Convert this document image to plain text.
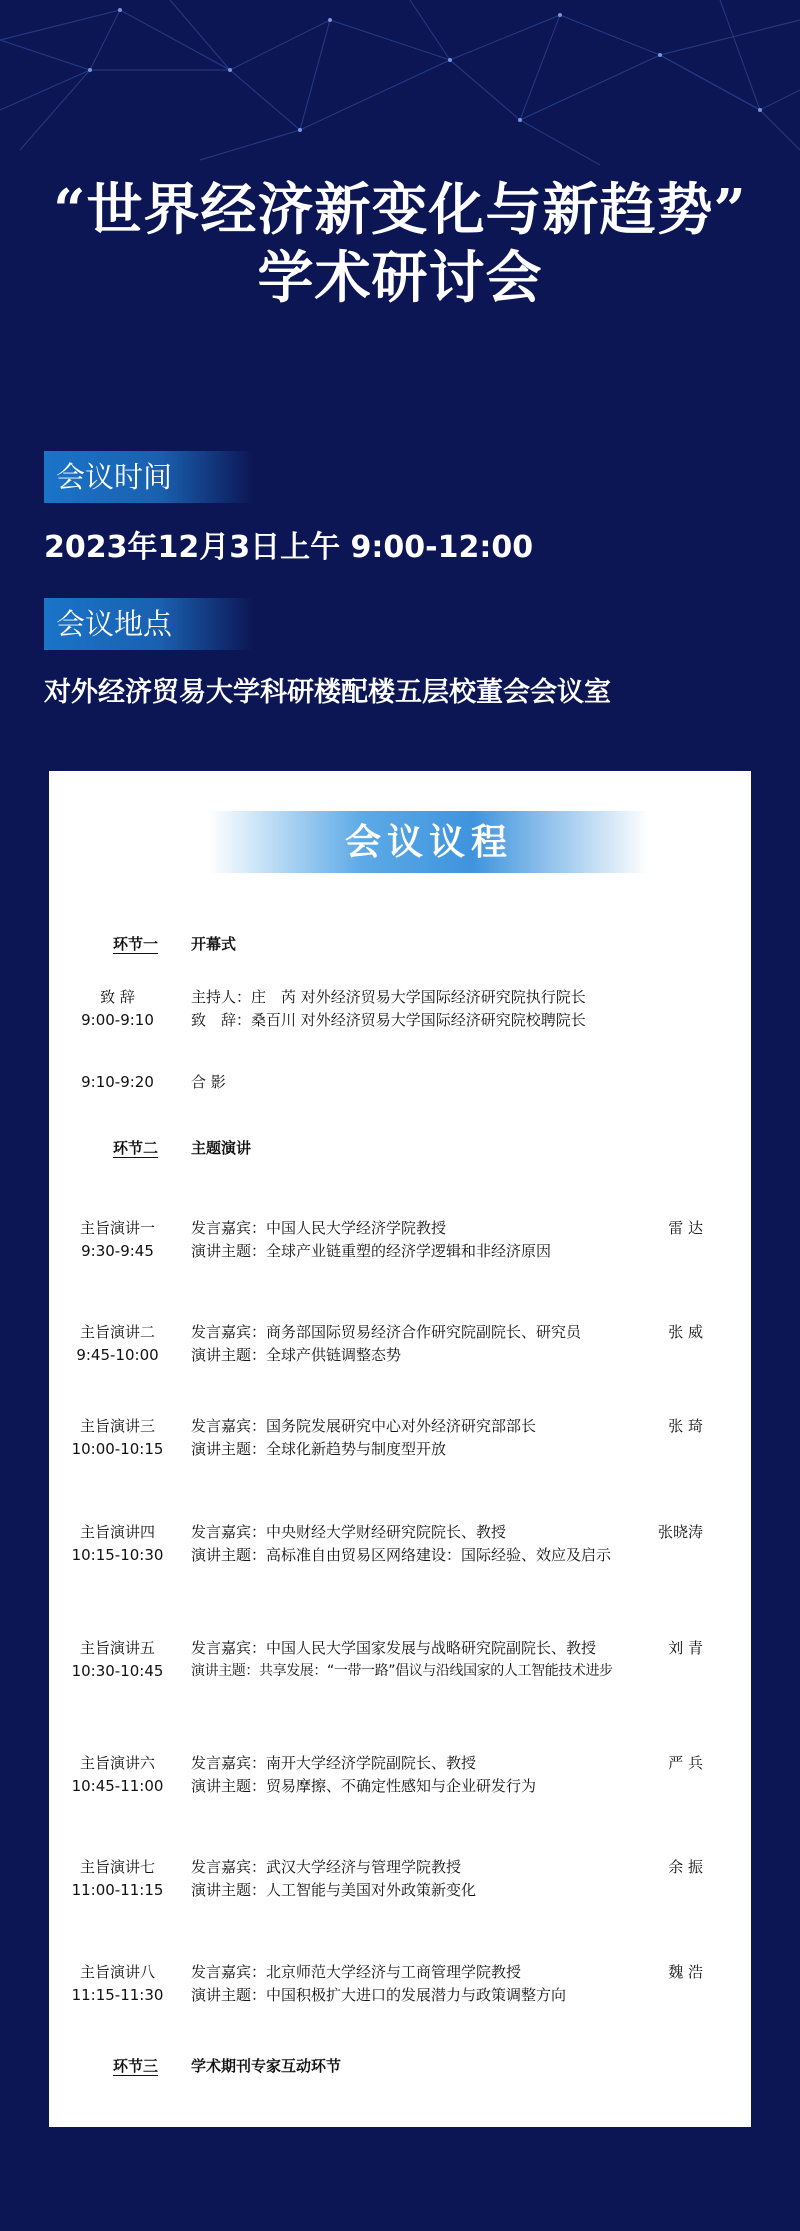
“世界经济新变化与新趋势”
学术研讨会
会议时间
2023年12月3日上午 9:00-12:00
会议地点
对外经济贸易大学科研楼配楼五层校董会会议室
会议议程
环节一 开幕式
致 辞
9:00-9:10
主持人：庄　芮 对外经济贸易大学国际经济研究院执行院长
致　辞：桑百川 对外经济贸易大学国际经济研究院校聘院长
9:10-9:20	合 影
环节二 主题演讲
主旨演讲一
9:30-9:45
发言嘉宾：中国人民大学经济学院教授
演讲主题：全球产业链重塑的经济学逻辑和非经济原因
雷 达
主旨演讲二
9:45-10:00
发言嘉宾：商务部国际贸易经济合作研究院副院长、研究员
演讲主题：全球产供链调整态势
张 威
主旨演讲三
10:00-10:15
发言嘉宾：国务院发展研究中心对外经济研究部部长
演讲主题：全球化新趋势与制度型开放
张 琦
主旨演讲四
10:15-10:30
发言嘉宾：中央财经大学财经研究院院长、教授
演讲主题：高标准自由贸易区网络建设：国际经验、效应及启示
张晓涛
主旨演讲五
10:30-10:45
发言嘉宾：中国人民大学国家发展与战略研究院副院长、教授
演讲主题：共享发展：“一带一路”倡议与沿线国家的人工智能技术进步
刘 青
主旨演讲六
10:45-11:00
发言嘉宾：南开大学经济学院副院长、教授
演讲主题：贸易摩擦、不确定性感知与企业研发行为
严 兵
主旨演讲七
11:00-11:15
发言嘉宾：武汉大学经济与管理学院教授
演讲主题：人工智能与美国对外政策新变化
余 振
主旨演讲八
11:15-11:30
发言嘉宾：北京师范大学经济与工商管理学院教授
演讲主题：中国积极扩大进口的发展潜力与政策调整方向
魏 浩
环节三 学术期刊专家互动环节
